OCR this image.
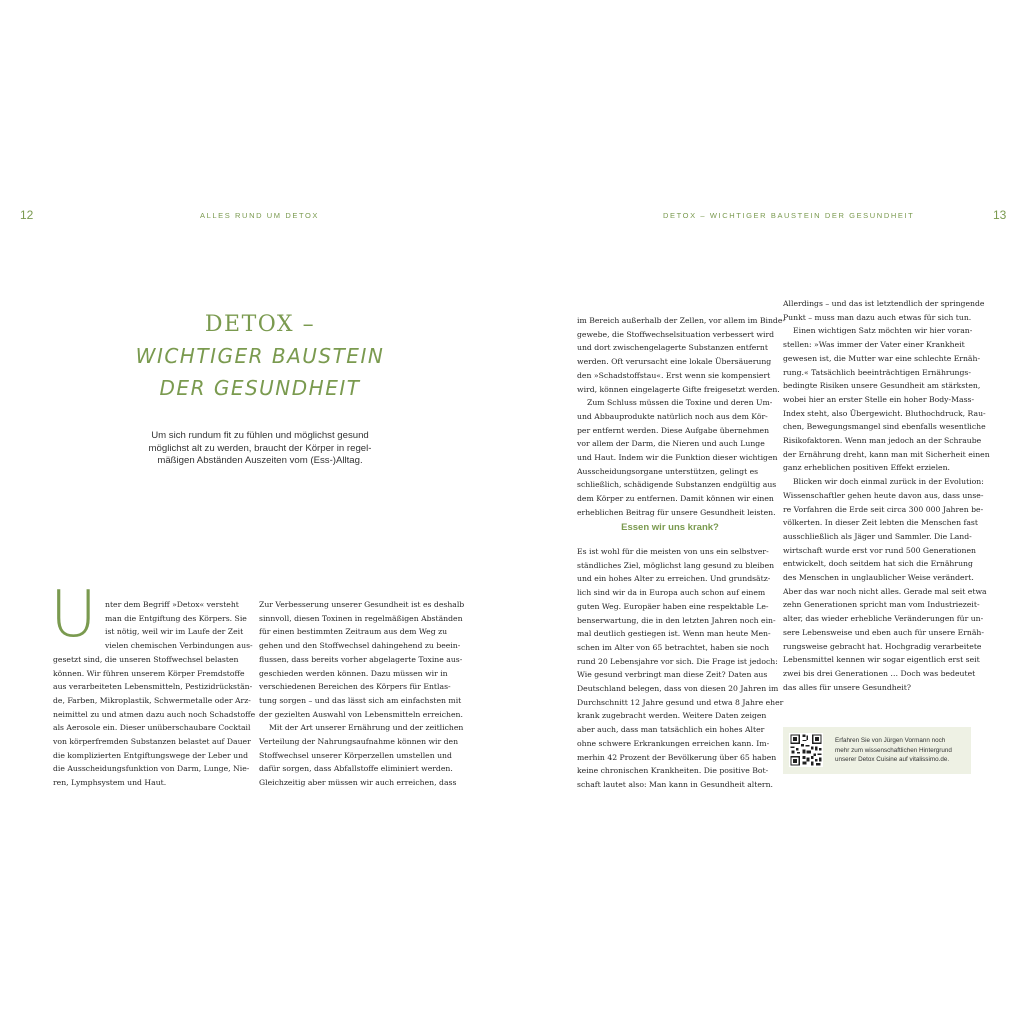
12	ALLES RUND UM DETOX
DETOX –
WICHTIGER BAUSTEIN
DER GESUNDHEIT
Um sich rundum fit zu fühlen und möglichst gesund
möglichst alt zu werden, braucht der Körper in regel-
mäßigen Abständen Auszeiten vom (Ess-)Alltag.
U	nter dem Begriff »Detox« versteht
man die Entgiftung des Körpers. Sie
ist nötig, weil wir im Laufe der Zeit
vielen chemischen Verbindungen aus-
gesetzt sind, die unseren Stoffwechsel belasten
können. Wir führen unserem Körper Fremdstoffe
aus verarbeiteten Lebensmitteln, Pestizidrückstän-
de, Farben, Mikroplastik, Schwermetalle oder Arz-
neimittel zu und atmen dazu auch noch Schadstoffe
als Aerosole ein. Dieser unüberschaubare Cocktail
von körperfremden Substanzen belastet auf Dauer
die komplizierten Entgiftungswege der Leber und
die Ausscheidungsfunktion von Darm, Lunge, Nie-
ren, Lymphsystem und Haut.

Zur Verbesserung unserer Gesundheit ist es deshalb
sinnvoll, diesen Toxinen in regelmäßigen Abständen
für einen bestimmten Zeitraum aus dem Weg zu
gehen und den Stoffwechsel dahingehend zu beein-
flussen, dass bereits vorher abgelagerte Toxine aus-
geschieden werden können. Dazu müssen wir in
verschiedenen Bereichen des Körpers für Entlas-
tung sorgen – und das lässt sich am einfachsten mit
der gezielten Auswahl von Lebensmitteln erreichen.

Mit der Art unserer Ernährung und der zeitlichen
Verteilung der Nahrungsaufnahme können wir den
Stoffwechsel unserer Körperzellen umstellen und
dafür sorgen, dass Abfallstoffe eliminiert werden.
Gleichzeitig aber müssen wir auch erreichen, dass

DETOX – WICHTIGER BAUSTEIN DER GESUNDHEIT	13

im Bereich außerhalb der Zellen, vor allem im Binde-
gewebe, die Stoffwechselsituation verbessert wird
und dort zwischengelagerte Substanzen entfernt
werden. Oft verursacht eine lokale Übersäuerung
den »Schadstoffstau«. Erst wenn sie kompensiert
wird, können eingelagerte Gifte freigesetzt werden.

Zum Schluss müssen die Toxine und deren Um-
und Abbauprodukte natürlich noch aus dem Kör-
per entfernt werden. Diese Aufgabe übernehmen
vor allem der Darm, die Nieren und auch Lunge
und Haut. Indem wir die Funktion dieser wichtigen
Ausscheidungsorgane unterstützen, gelingt es
schließlich, schädigende Substanzen endgültig aus
dem Körper zu entfernen. Damit können wir einen
erheblichen Beitrag für unsere Gesundheit leisten.

Essen wir uns krank?

Es ist wohl für die meisten von uns ein selbstver-
ständliches Ziel, möglichst lang gesund zu bleiben
und ein hohes Alter zu erreichen. Und grundsätz-
lich sind wir da in Europa auch schon auf einem
guten Weg. Europäer haben eine respektable Le-
benserwartung, die in den letzten Jahren noch ein-
mal deutlich gestiegen ist. Wenn man heute Men-
schen im Alter von 65 betrachtet, haben sie noch
rund 20 Lebensjahre vor sich. Die Frage ist jedoch:
Wie gesund verbringt man diese Zeit? Daten aus
Deutschland belegen, dass von diesen 20 Jahren im
Durchschnitt 12 Jahre gesund und etwa 8 Jahre eher
krank zugebracht werden. Weitere Daten zeigen
aber auch, dass man tatsächlich ein hohes Alter
ohne schwere Erkrankungen erreichen kann. Im-
merhin 42 Prozent der Bevölkerung über 65 haben
keine chronischen Krankheiten. Die positive Bot-
schaft lautet also: Man kann in Gesundheit altern.

Allerdings – und das ist letztendlich der springende
Punkt – muss man dazu auch etwas für sich tun.

Einen wichtigen Satz möchten wir hier voran-
stellen: »Was immer der Vater einer Krankheit
gewesen ist, die Mutter war eine schlechte Ernäh-
rung.« Tatsächlich beeinträchtigen Ernährungs-
bedingte Risiken unsere Gesundheit am stärksten,
wobei hier an erster Stelle ein hoher Body-Mass-
Index steht, also Übergewicht. Bluthochdruck, Rau-
chen, Bewegungsmangel sind ebenfalls wesentliche
Risikofaktoren. Wenn man jedoch an der Schraube
der Ernährung dreht, kann man mit Sicherheit einen
ganz erheblichen positiven Effekt erzielen.

Blicken wir doch einmal zurück in der Evolution:
Wissenschaftler gehen heute davon aus, dass unse-
re Vorfahren die Erde seit circa 300 000 Jahren be-
völkerten. In dieser Zeit lebten die Menschen fast
ausschließlich als Jäger und Sammler. Die Land-
wirtschaft wurde erst vor rund 500 Generationen
entwickelt, doch seitdem hat sich die Ernährung
des Menschen in unglaublicher Weise verändert.
Aber das war noch nicht alles. Gerade mal seit etwa
zehn Generationen spricht man vom Industriezeit-
alter, das wieder erhebliche Veränderungen für un-
sere Lebensweise und eben auch für unsere Ernäh-
rungsweise gebracht hat. Hochgradig verarbeitete
Lebensmittel kennen wir sogar eigentlich erst seit
zwei bis drei Generationen … Doch was bedeutet
das alles für unsere Gesundheit?

Erfahren Sie von Jürgen Vormann noch
mehr zum wissenschaftlichen Hintergrund
unserer Detox Cuisine auf vitalissimo.de.
